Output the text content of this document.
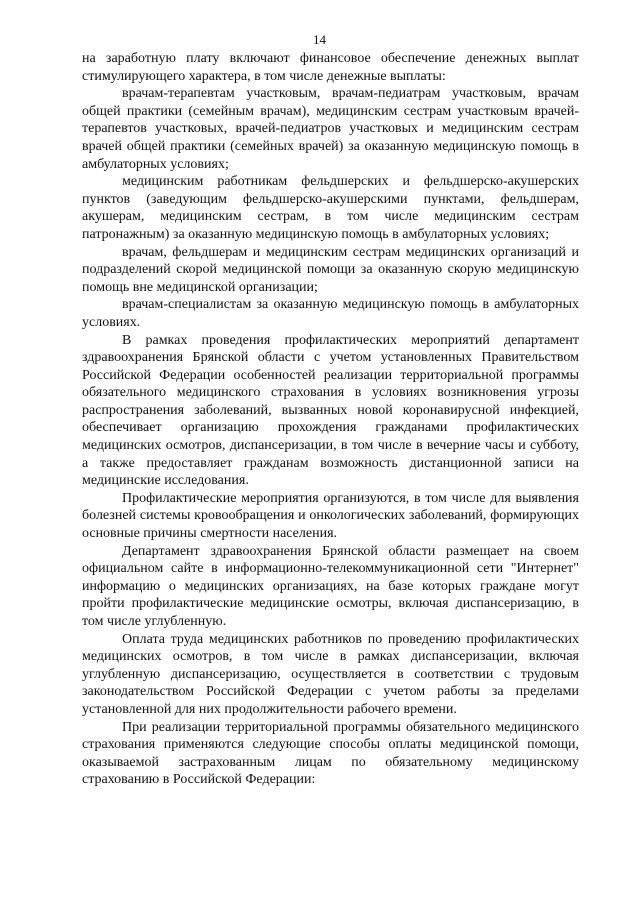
14

на заработную плату включают финансовое обеспечение денежных выплат стимулирующего характера, в том числе денежные выплаты:

врачам-терапевтам участковым, врачам-педиатрам участковым, врачам общей практики (семейным врачам), медицинским сестрам участковым врачей-терапевтов участковых, врачей-педиатров участковых и медицинским сестрам врачей общей практики (семейных врачей) за оказанную медицинскую помощь в амбулаторных условиях;

медицинским работникам фельдшерских и фельдшерско-акушерских пунктов (заведующим фельдшерско-акушерскими пунктами, фельдшерам, акушерам, медицинским сестрам, в том числе медицинским сестрам патронажным) за оказанную медицинскую помощь в амбулаторных условиях;

врачам, фельдшерам и медицинским сестрам медицинских организаций и подразделений скорой медицинской помощи за оказанную скорую медицинскую помощь вне медицинской организации;

врачам-специалистам за оказанную медицинскую помощь в амбулаторных условиях.

В рамках проведения профилактических мероприятий департамент здравоохранения Брянской области с учетом установленных Правительством Российской Федерации особенностей реализации территориальной программы обязательного медицинского страхования в условиях возникновения угрозы распространения заболеваний, вызванных новой коронавирусной инфекцией, обеспечивает организацию прохождения гражданами профилактических медицинских осмотров, диспансеризации, в том числе в вечерние часы и субботу, а также предоставляет гражданам возможность дистанционной записи на медицинские исследования.

Профилактические мероприятия организуются, в том числе для выявления болезней системы кровообращения и онкологических заболеваний, формирующих основные причины смертности населения.

Департамент здравоохранения Брянской области размещает на своем официальном сайте в информационно-телекоммуникационной сети "Интернет" информацию о медицинских организациях, на базе которых граждане могут пройти профилактические медицинские осмотры, включая диспансеризацию, в том числе углубленную.

Оплата труда медицинских работников по проведению профилактических медицинских осмотров, в том числе в рамках диспансеризации, включая углубленную диспансеризацию, осуществляется в соответствии с трудовым законодательством Российской Федерации с учетом работы за пределами установленной для них продолжительности рабочего времени.

При реализации территориальной программы обязательного медицинского страхования применяются следующие способы оплаты медицинской помощи, оказываемой застрахованным лицам по обязательному медицинскому страхованию в Российской Федерации:
